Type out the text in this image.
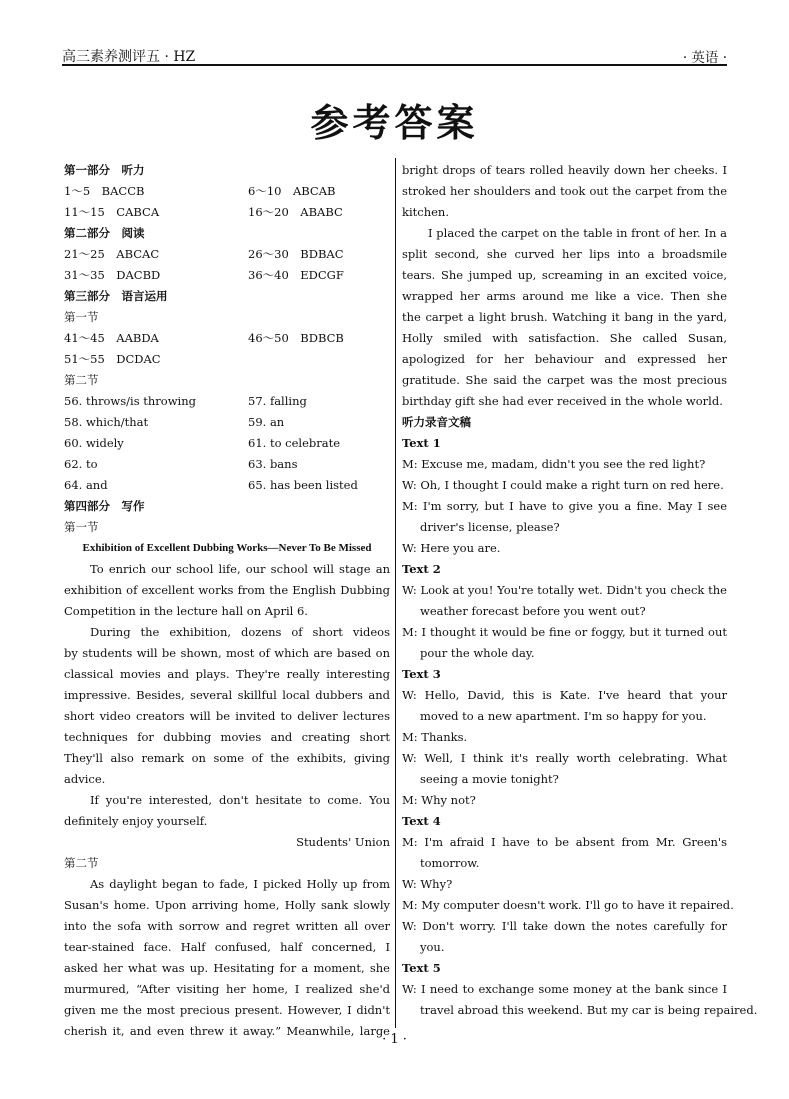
高三素养测评五 · HZ	· 英语 ·
参考答案
第一部分　听力
1～5　BACCB	6～10　ABCAB
11～15　CABCA	16～20　ABABC
第二部分　阅读
21～25　ABCAC	26～30　BDBAC
31～35　DACBD	36～40　EDCGF
第三部分　语言运用
第一节
41～45　AABDA	46～50　BDBCB
51～55　DCDAC
第二节
56. throws/is throwing	57. falling
58. which/that	59. an
60. widely	61. to celebrate
62. to	63. bans
64. and	65. has been listed
第四部分　写作
第一节
Exhibition of Excellent Dubbing Works—Never To Be Missed
To enrich our school life, our school will stage an
exhibition of excellent works from the English Dubbing
Competition in the lecture hall on April 6.
During the exhibition, dozens of short videos
by students will be shown, most of which are based on
classical movies and plays. They're really interesting
impressive. Besides, several skillful local dubbers and
short video creators will be invited to deliver lectures
techniques for dubbing movies and creating short
They'll also remark on some of the exhibits, giving
advice.
If you're interested, don't hesitate to come. You
definitely enjoy yourself.
Students' Union
第二节
As daylight began to fade, I picked Holly up from
Susan's home. Upon arriving home, Holly sank slowly
into the sofa with sorrow and regret written all over
tear-stained face. Half confused, half concerned, I
asked her what was up. Hesitating for a moment, she
murmured, “After visiting her home, I realized she'd
given me the most precious present. However, I didn't
cherish it, and even threw it away.” Meanwhile, large
bright drops of tears rolled heavily down her cheeks. I
stroked her shoulders and took out the carpet from the
kitchen.
I placed the carpet on the table in front of her. In a
split second, she curved her lips into a broadsmile
tears. She jumped up, screaming in an excited voice,
wrapped her arms around me like a vice. Then she
the carpet a light brush. Watching it bang in the yard,
Holly smiled with satisfaction. She called Susan,
apologized for her behaviour and expressed her
gratitude. She said the carpet was the most precious
birthday gift she had ever received in the whole world.
听力录音文稿
Text 1
M: Excuse me, madam, didn't you see the red light?
W: Oh, I thought I could make a right turn on red here.
M: I'm sorry, but I have to give you a fine. May I see
driver's license, please?
W: Here you are.
Text 2
W: Look at you! You're totally wet. Didn't you check the
weather forecast before you went out?
M: I thought it would be fine or foggy, but it turned out
pour the whole day.
Text 3
W: Hello, David, this is Kate. I've heard that your
moved to a new apartment. I'm so happy for you.
M: Thanks.
W: Well, I think it's really worth celebrating. What
seeing a movie tonight?
M: Why not?
Text 4
M: I'm afraid I have to be absent from Mr. Green's
tomorrow.
W: Why?
M: My computer doesn't work. I'll go to have it repaired.
W: Don't worry. I'll take down the notes carefully for
you.
Text 5
W: I need to exchange some money at the bank since I
travel abroad this weekend. But my car is being repaired.
· 1 ·
